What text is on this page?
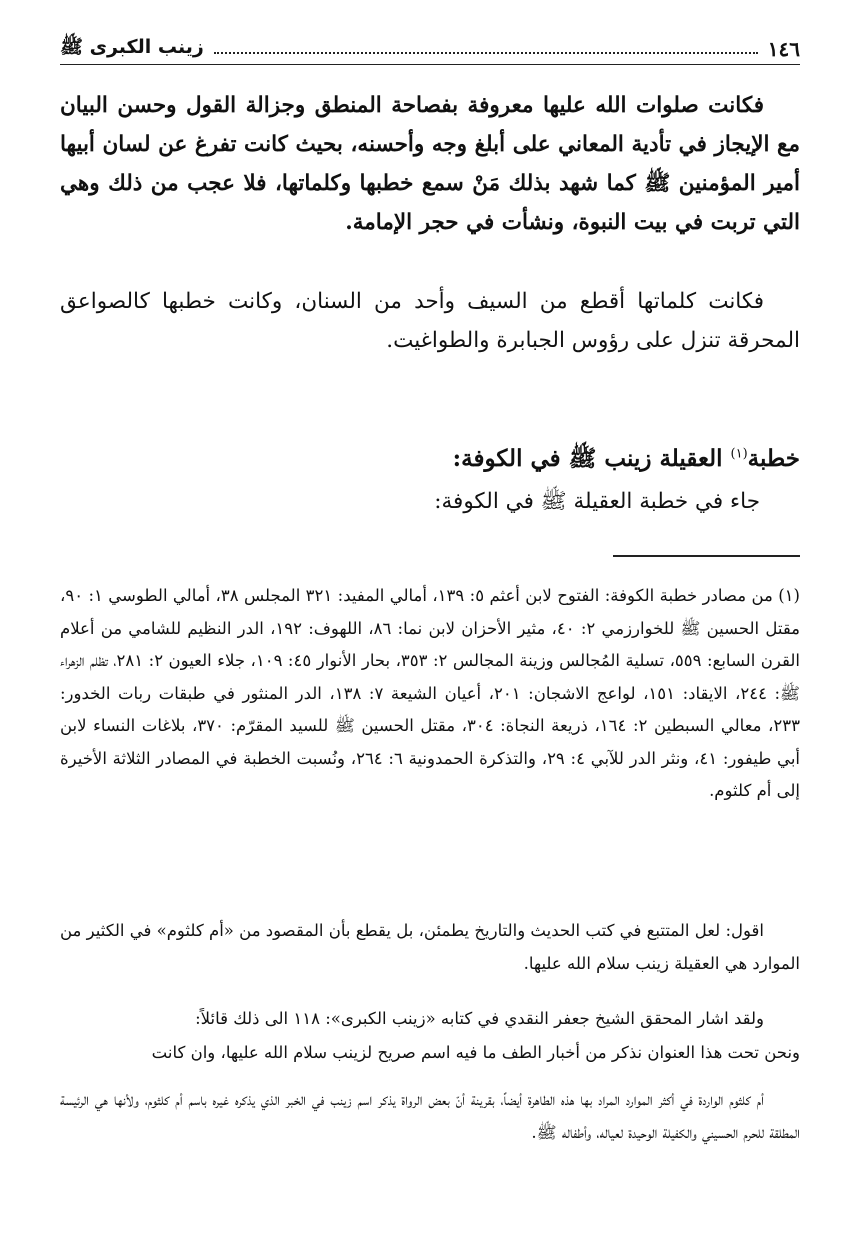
١٤٦
زينب الكبرى ﷺ

فكانت صلوات الله عليها معروفة بفصاحة المنطق وجزالة القول وحسن البيان مع الإيجاز في تأدية المعاني على أبلغ وجه وأحسنه، بحيث كانت تفرغ عن لسان أبيها أمير المؤمنين ﷺ كما شهد بذلك مَنْ سمع خطبها وكلماتها، فلا عجب من ذلك وهي التي تربت في بيت النبوة، ونشأت في حجر الإمامة.

فكانت كلماتها أقطع من السيف وأحد من السنان، وكانت خطبها كالصواعق المحرقة تنزل على رؤوس الجبابرة والطواغيت.

خطبة$^{(١)}$ العقيلة زينب ﷺ في الكوفة:

جاء في خطبة العقيلة ﷺ في الكوفة:

(١) من مصادر خطبة الكوفة: الفتوح لابن أعثم ٥: ١٣٩، أمالي المفيد: ٣٢١ المجلس ٣٨، أمالي الطوسي ١: ٩٠، مقتل الحسين ﷺ للخوارزمي ٢: ٤٠، مثير الأحزان لابن نما: ٨٦، اللهوف: ١٩٢، الدر النظيم للشامي من أعلام القرن السابع: ٥٥٩، تسلية المُجالس وزينة المجالس ٢: ٣٥٣، بحار الأنوار ٤٥: ١٠٩، جلاء العيون ٢: ٢٨١، تظلم الزهراء ﷺ: ٢٤٤، الايقاد: ١٥١، لواعج الاشجان: ٢٠١، أعيان الشيعة ٧: ١٣٨، الدر المنثور في طبقات ربات الخدور: ٢٣٣، معالي السبطين ٢: ١٦٤، ذريعة النجاة: ٣٠٤، مقتل الحسين ﷺ للسيد المقرّم: ٣٧٠، بلاغات النساء لابن أبي طيفور: ٤١، ونثر الدر للآبي ٤: ٢٩، والتذكرة الحمدونية ٦: ٢٦٤، ونُسبت الخطبة في المصادر الثلاثة الأخيرة إلى أم كلثوم.

اقول: لعل المتتبع في كتب الحديث والتاريخ يطمئن، بل يقطع بأن المقصود من «أم كلثوم» في الكثير من الموارد هي العقيلة زينب سلام الله عليها.

ولقد اشار المحقق الشيخ جعفر النقدي في كتابه «زينب الكبرى»: ١١٨ الى ذلك قائلاً:

ونحن تحت هذا العنوان نذكر من أخبار الطف ما فيه اسم صريح لزينب سلام الله عليها، وان كانت

أم كلثوم الواردة في أكثر الموارد المراد بها هذه الطاهرة أيضاً، بقرينة أنّ بعض الرواة يذكر اسم زينب في الخبر الذي يذكره غيره باسم أم كلثوم، ولأنها هي الرئيسة المطلقة للحرم الحسيني والكفيلة الوحيدة لعياله، وأطفاله ﷺ.
